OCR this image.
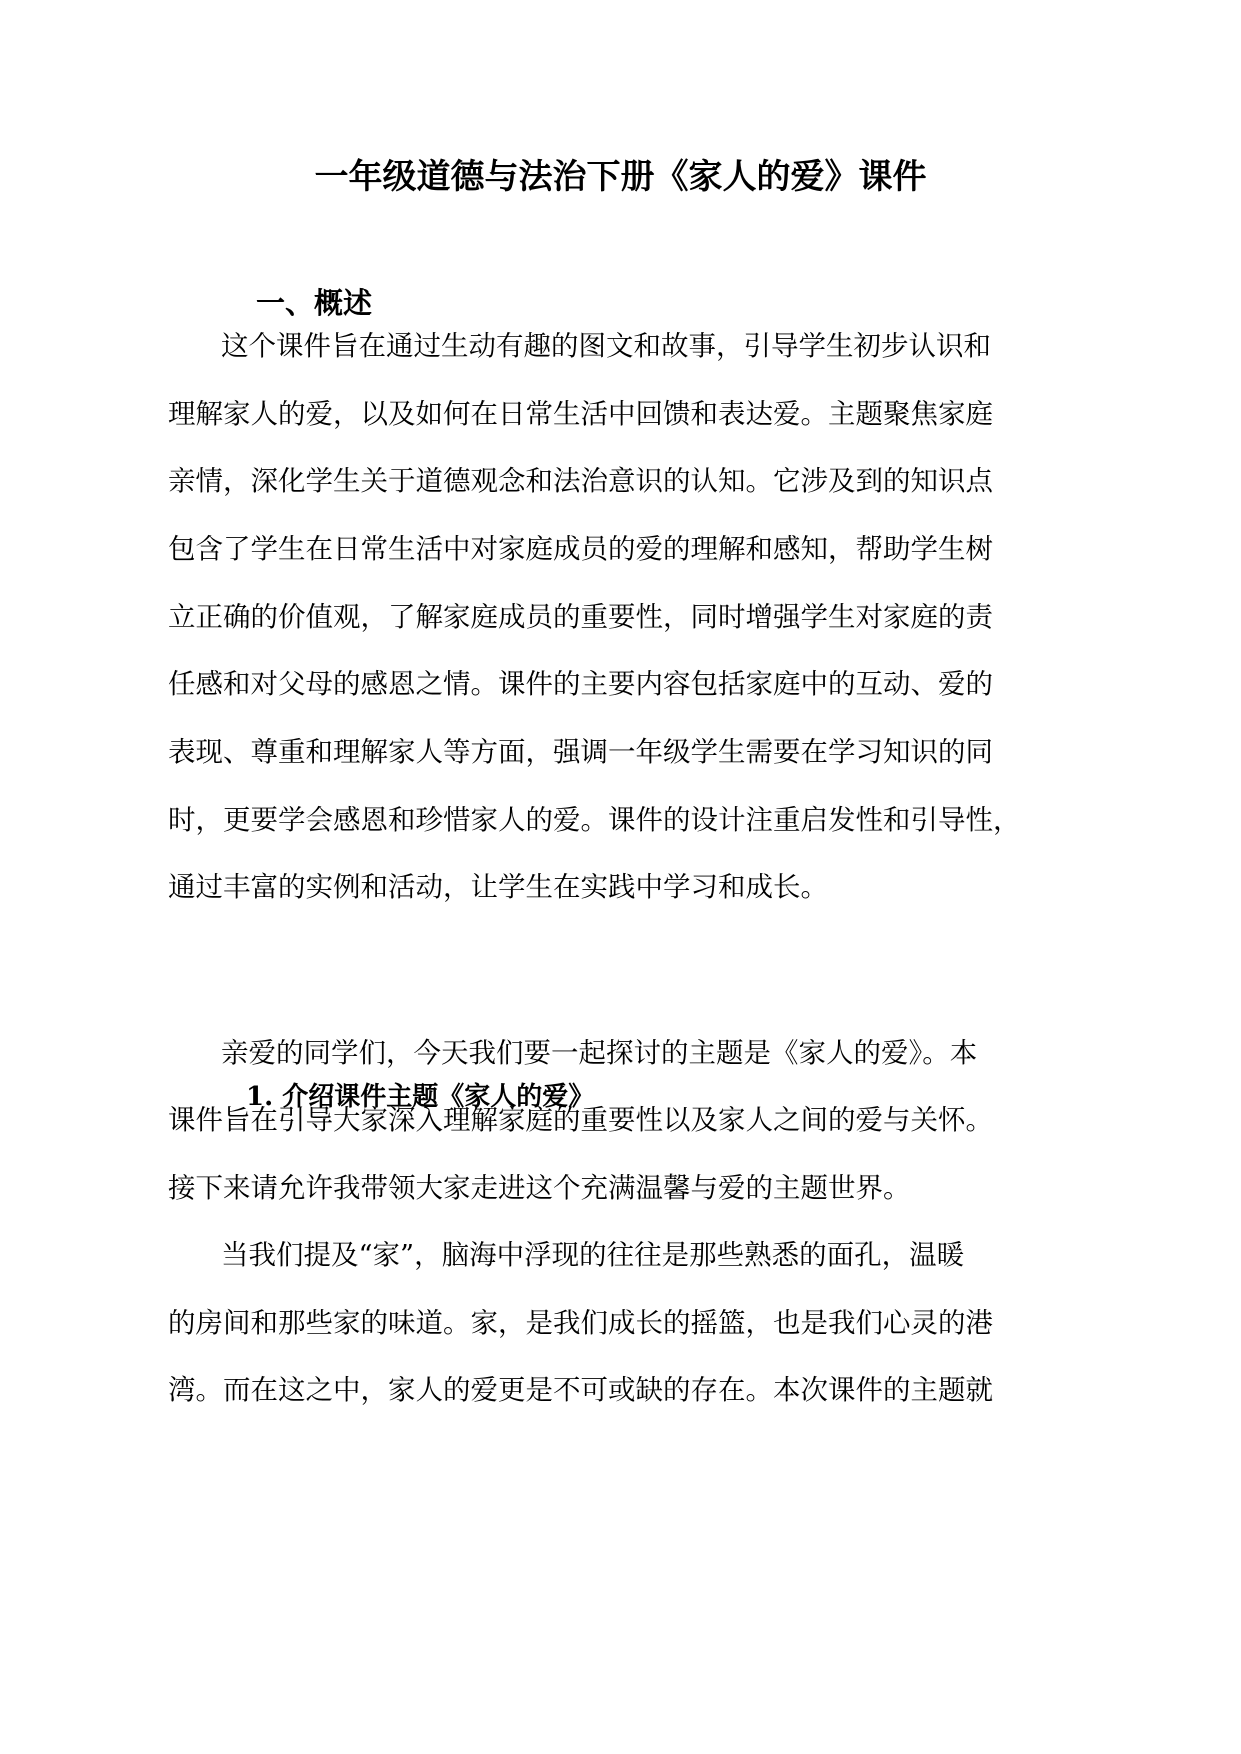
一年级道德与法治下册《家人的爱》课件
一、概述

这个课件旨在通过生动有趣的图文和故事，引导学生初步认识和

理解家人的爱，以及如何在日常生活中回馈和表达爱。主题聚焦家庭

亲情，深化学生关于道德观念和法治意识的认知。它涉及到的知识点

包含了学生在日常生活中对家庭成员的爱的理解和感知，帮助学生树

立正确的价值观，了解家庭成员的重要性，同时增强学生对家庭的责

任感和对父母的感恩之情。课件的主要内容包括家庭中的互动、爱的

表现、尊重和理解家人等方面，强调一年级学生需要在学习知识的同

时，更要学会感恩和珍惜家人的爱。课件的设计注重启发性和引导性，

通过丰富的实例和活动，让学生在实践中学习和成长。

1. 介绍课件主题《家人的爱》

亲爱的同学们，今天我们要一起探讨的主题是《家人的爱》。本

课件旨在引导大家深入理解家庭的重要性以及家人之间的爱与关怀。

接下来请允许我带领大家走进这个充满温馨与爱的主题世界。

当我们提及“家”，脑海中浮现的往往是那些熟悉的面孔，温暖

的房间和那些家的味道。家，是我们成长的摇篮，也是我们心灵的港

湾。而在这之中，家人的爱更是不可或缺的存在。本次课件的主题就
